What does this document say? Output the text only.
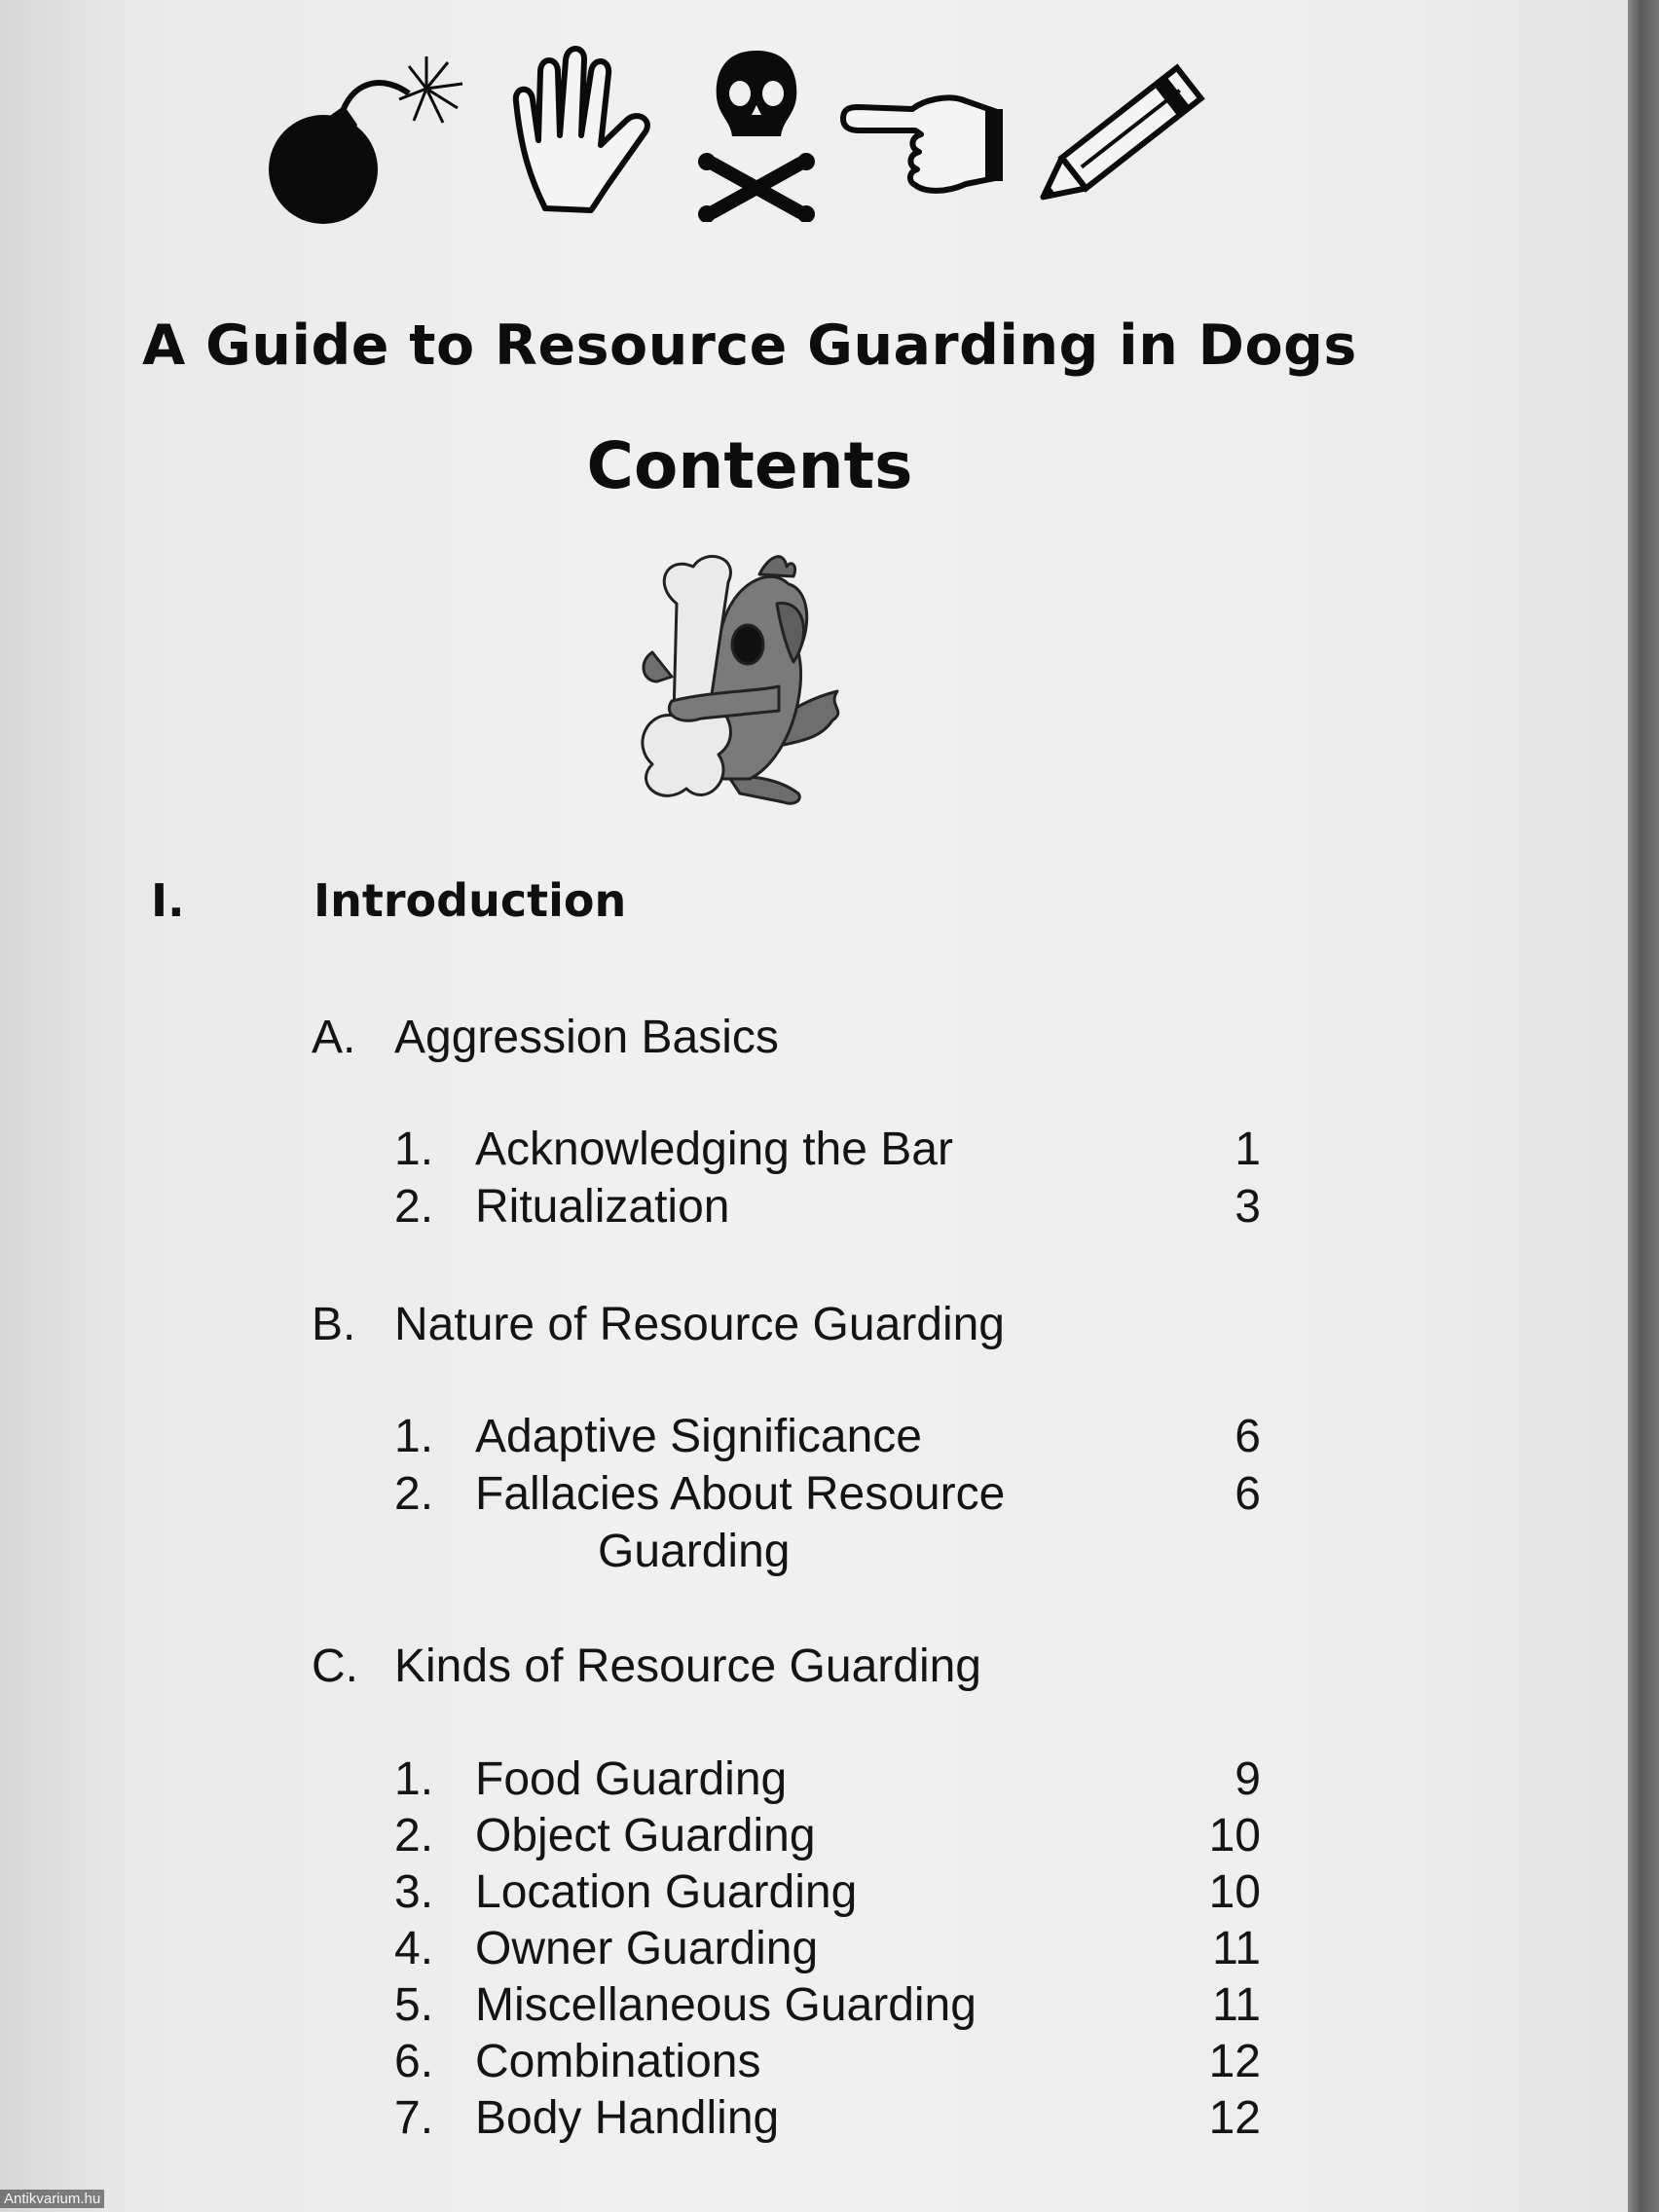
A Guide to Resource Guarding in Dogs
Contents
I.	Introduction
A. Aggression Basics
1. Acknowledging the Bar	1
2. Ritualization	3
B. Nature of Resource Guarding
1. Adaptive Significance	6
2. Fallacies About Resource	6
Guarding
C. Kinds of Resource Guarding
1. Food Guarding	9
2. Object Guarding	10
3. Location Guarding	10
4. Owner Guarding	11
5. Miscellaneous Guarding	11
6. Combinations	12
7. Body Handling	12
Antikvarium.hu
